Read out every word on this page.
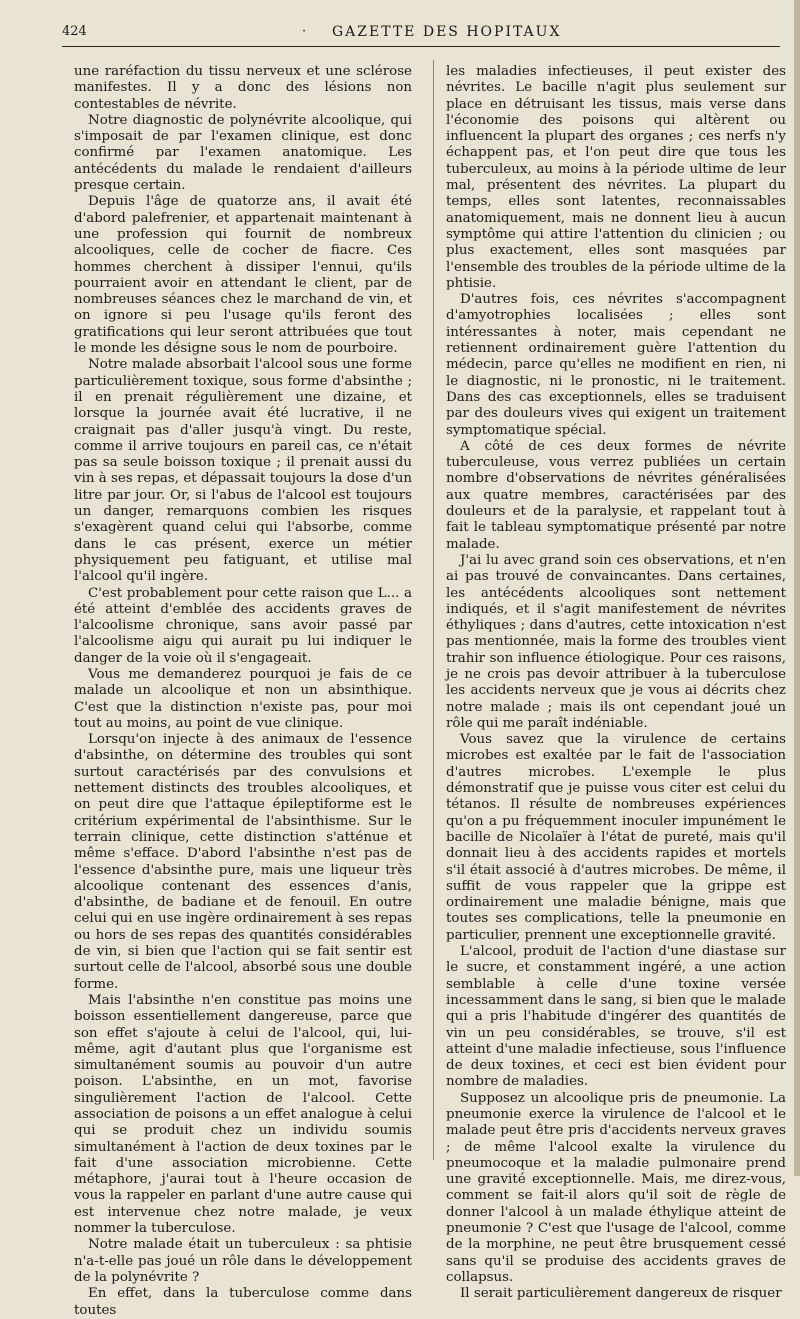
424	· GAZETTE DES HOPITAUX

une raréfaction du tissu nerveux et une sclérose manifestes. Il y a donc des lésions non contestables de névrite.

Notre diagnostic de polynévrite alcoolique, qui s'imposait de par l'examen clinique, est donc confirmé par l'examen anatomique. Les antécédents du malade le rendaient d'ailleurs presque certain.

Depuis l'âge de quatorze ans, il avait été d'abord palefrenier, et appartenait maintenant à une profession qui fournit de nombreux alcooliques, celle de cocher de fiacre. Ces hommes cherchent à dissiper l'ennui, qu'ils pourraient avoir en attendant le client, par de nombreuses séances chez le marchand de vin, et on ignore si peu l'usage qu'ils feront des gratifications qui leur seront attribuées que tout le monde les désigne sous le nom de pourboire.

Notre malade absorbait l'alcool sous une forme particulièrement toxique, sous forme d'absinthe ; il en prenait régulièrement une dizaine, et lorsque la journée avait été lucrative, il ne craignait pas d'aller jusqu'à vingt. Du reste, comme il arrive toujours en pareil cas, ce n'était pas sa seule boisson toxique ; il prenait aussi du vin à ses repas, et dépassait toujours la dose d'un litre par jour. Or, si l'abus de l'alcool est toujours un danger, remarquons combien les risques s'exagèrent quand celui qui l'absorbe, comme dans le cas présent, exerce un métier physiquement peu fatiguant, et utilise mal l'alcool qu'il ingère.

C'est probablement pour cette raison que L... a été atteint d'emblée des accidents graves de l'alcoolisme chronique, sans avoir passé par l'alcoolisme aigu qui aurait pu lui indiquer le danger de la voie où il s'engageait.

Vous me demanderez pourquoi je fais de ce malade un alcoolique et non un absinthique. C'est que la distinction n'existe pas, pour moi tout au moins, au point de vue clinique.

Lorsqu'on injecte à des animaux de l'essence d'absinthe, on détermine des troubles qui sont surtout caractérisés par des convulsions et nettement distincts des troubles alcooliques, et on peut dire que l'attaque épileptiforme est le critérium expérimental de l'absinthisme. Sur le terrain clinique, cette distinction s'atténue et même s'efface. D'abord l'absinthe n'est pas de l'essence d'absinthe pure, mais une liqueur très alcoolique contenant des essences d'anis, d'absinthe, de badiane et de fenouil. En outre celui qui en use ingère ordinairement à ses repas ou hors de ses repas des quantités considérables de vin, si bien que l'action qui se fait sentir est surtout celle de l'alcool, absorbé sous une double forme.

Mais l'absinthe n'en constitue pas moins une boisson essentiellement dangereuse, parce que son effet s'ajoute à celui de l'alcool, qui, lui-même, agit d'autant plus que l'organisme est simultanément soumis au pouvoir d'un autre poison. L'absinthe, en un mot, favorise singulièrement l'action de l'alcool. Cette association de poisons a un effet analogue à celui qui se produit chez un individu soumis simultanément à l'action de deux toxines par le fait d'une association microbienne. Cette métaphore, j'aurai tout à l'heure occasion de vous la rappeler en parlant d'une autre cause qui est intervenue chez notre malade, je veux nommer la tuberculose.

Notre malade était un tuberculeux : sa phtisie n'a-t-elle pas joué un rôle dans le développement de la polynévrite ?

En effet, dans la tuberculose comme dans toutes

les maladies infectieuses, il peut exister des névrites. Le bacille n'agit plus seulement sur place en détruisant les tissus, mais verse dans l'économie des poisons qui altèrent ou influencent la plupart des organes ; ces nerfs n'y échappent pas, et l'on peut dire que tous les tuberculeux, au moins à la période ultime de leur mal, présentent des névrites. La plupart du temps, elles sont latentes, reconnaissables anatomiquement, mais ne donnent lieu à aucun symptôme qui attire l'attention du clinicien ; ou plus exactement, elles sont masquées par l'ensemble des troubles de la période ultime de la phtisie.

D'autres fois, ces névrites s'accompagnent d'amyotrophies localisées ; elles sont intéressantes à noter, mais cependant ne retiennent ordinairement guère l'attention du médecin, parce qu'elles ne modifient en rien, ni le diagnostic, ni le pronostic, ni le traitement. Dans des cas exceptionnels, elles se traduisent par des douleurs vives qui exigent un traitement symptomatique spécial.

A côté de ces deux formes de névrite tuberculeuse, vous verrez publiées un certain nombre d'observations de névrites généralisées aux quatre membres, caractérisées par des douleurs et de la paralysie, et rappelant tout à fait le tableau symptomatique présenté par notre malade.

J'ai lu avec grand soin ces observations, et n'en ai pas trouvé de convaincantes. Dans certaines, les antécédents alcooliques sont nettement indiqués, et il s'agit manifestement de névrites éthyliques ; dans d'autres, cette intoxication n'est pas mentionnée, mais la forme des troubles vient trahir son influence étiologique. Pour ces raisons, je ne crois pas devoir attribuer à la tuberculose les accidents nerveux que je vous ai décrits chez notre malade ; mais ils ont cependant joué un rôle qui me paraît indéniable.

Vous savez que la virulence de certains microbes est exaltée par le fait de l'association d'autres microbes. L'exemple le plus démonstratif que je puisse vous citer est celui du tétanos. Il résulte de nombreuses expériences qu'on a pu fréquemment inoculer impunément le bacille de Nicolaïer à l'état de pureté, mais qu'il donnait lieu à des accidents rapides et mortels s'il était associé à d'autres microbes. De même, il suffit de vous rappeler que la grippe est ordinairement une maladie bénigne, mais que toutes ses complications, telle la pneumonie en particulier, prennent une exceptionnelle gravité.

L'alcool, produit de l'action d'une diastase sur le sucre, et constamment ingéré, a une action semblable à celle d'une toxine versée incessamment dans le sang, si bien que le malade qui a pris l'habitude d'ingérer des quantités de vin un peu considérables, se trouve, s'il est atteint d'une maladie infectieuse, sous l'influence de deux toxines, et ceci est bien évident pour nombre de maladies.

Supposez un alcoolique pris de pneumonie. La pneumonie exerce la virulence de l'alcool et le malade peut être pris d'accidents nerveux graves ; de même l'alcool exalte la virulence du pneumocoque et la maladie pulmonaire prend une gravité exceptionnelle. Mais, me direz-vous, comment se fait-il alors qu'il soit de règle de donner l'alcool à un malade éthylique atteint de pneumonie ? C'est que l'usage de l'alcool, comme de la morphine, ne peut être brusquement cessé sans qu'il se produise des accidents graves de collapsus.

Il serait particulièrement dangereux de risquer
